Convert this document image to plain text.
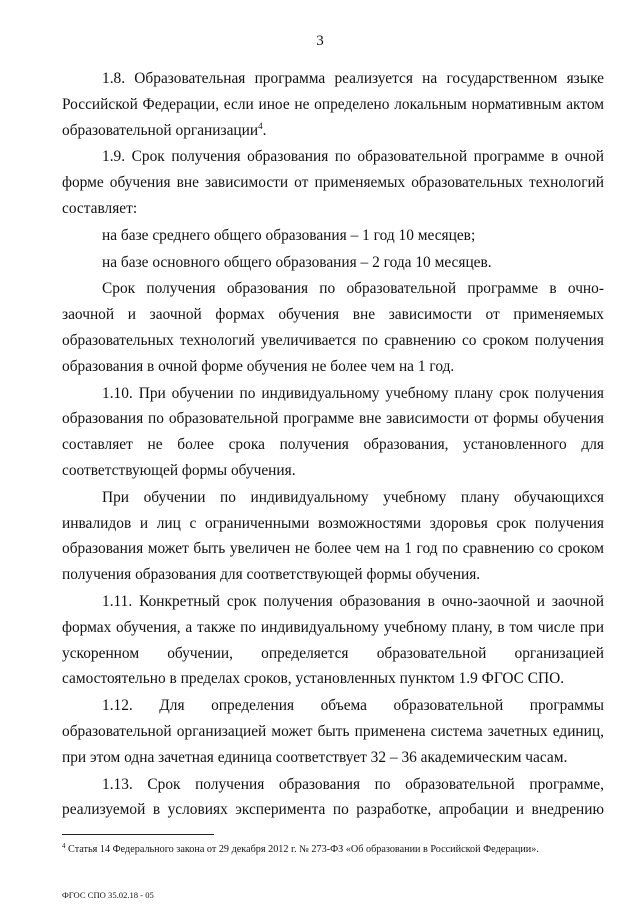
3

1.8. Образовательная программа реализуется на государственном языке Российской Федерации, если иное не определено локальным нормативным актом образовательной организации$^4$.

1.9. Срок получения образования по образовательной программе в очной форме обучения вне зависимости от применяемых образовательных технологий составляет:

на базе среднего общего образования – 1 год 10 месяцев;

на базе основного общего образования – 2 года 10 месяцев.

Срок получения образования по образовательной программе в очно-заочной и заочной формах обучения вне зависимости от применяемых образовательных технологий увеличивается по сравнению со сроком получения образования в очной форме обучения не более чем на 1 год.

1.10. При обучении по индивидуальному учебному плану срок получения образования по образовательной программе вне зависимости от формы обучения составляет не более срока получения образования, установленного для соответствующей формы обучения.

При обучении по индивидуальному учебному плану обучающихся инвалидов и лиц с ограниченными возможностями здоровья срок получения образования может быть увеличен не более чем на 1 год по сравнению со сроком получения образования для соответствующей формы обучения.

1.11. Конкретный срок получения образования в очно-заочной и заочной формах обучения, а также по индивидуальному учебному плану, в том числе при ускоренном обучении, определяется образовательной организацией самостоятельно в пределах сроков, установленных пунктом 1.9 ФГОС СПО.

1.12. Для определения объема образовательной программы образовательной организацией может быть применена система зачетных единиц, при этом одна зачетная единица соответствует 32 – 36 академическим часам.

1.13. Срок получения образования по образовательной программе, реализуемой в условиях эксперимента по разработке, апробации и внедрению

$^4$ Статья 14 Федерального закона от 29 декабря 2012 г. № 273-ФЗ «Об образовании в Российской Федерации».
ФГОС СПО 35.02.18 - 05
